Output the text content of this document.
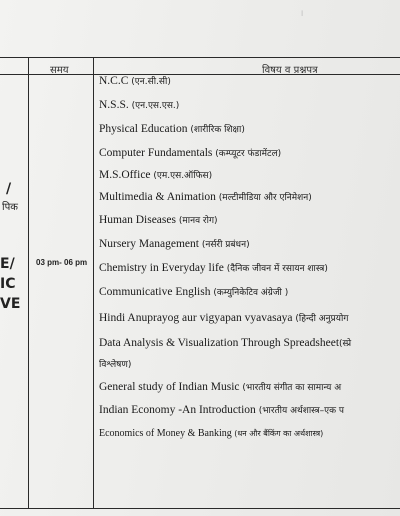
।
समय	विषय व प्रश्नपत्र
/
पिक
E/
IC
VE
03 pm- 06 pm
N.C.C (एन.सी.सी)
N.S.S. (एन.एस.एस.)
Physical Education (शारीरिक शिक्षा)
Computer Fundamentals (कम्प्यूटर फंडामेंटल)
M.S.Office (एम.एस.ऑफिस)
Multimedia & Animation (मल्टीमीडिया और एनिमेशन)
Human Diseases (मानव रोग)
Nursery Management (नर्सरी प्रबंधन)
Chemistry in Everyday life (दैनिक जीवन में रसायन शास्त्र)
Communicative English (कम्युनिकेटिव अंग्रेजी )
Hindi Anuprayog aur vigyapan vyavasaya (हिन्दी अनुप्रयोग
Data Analysis & Visualization Through Spreadsheet(स्प्रे
विश्लेषण)
General study of Indian Music (भारतीय संगीत का सामान्य अ
Indian Economy -An Introduction (भारतीय अर्थशास्त्र–एक प
Economics of Money & Banking (धन और बैंकिंग का अर्थशास्त्र)
